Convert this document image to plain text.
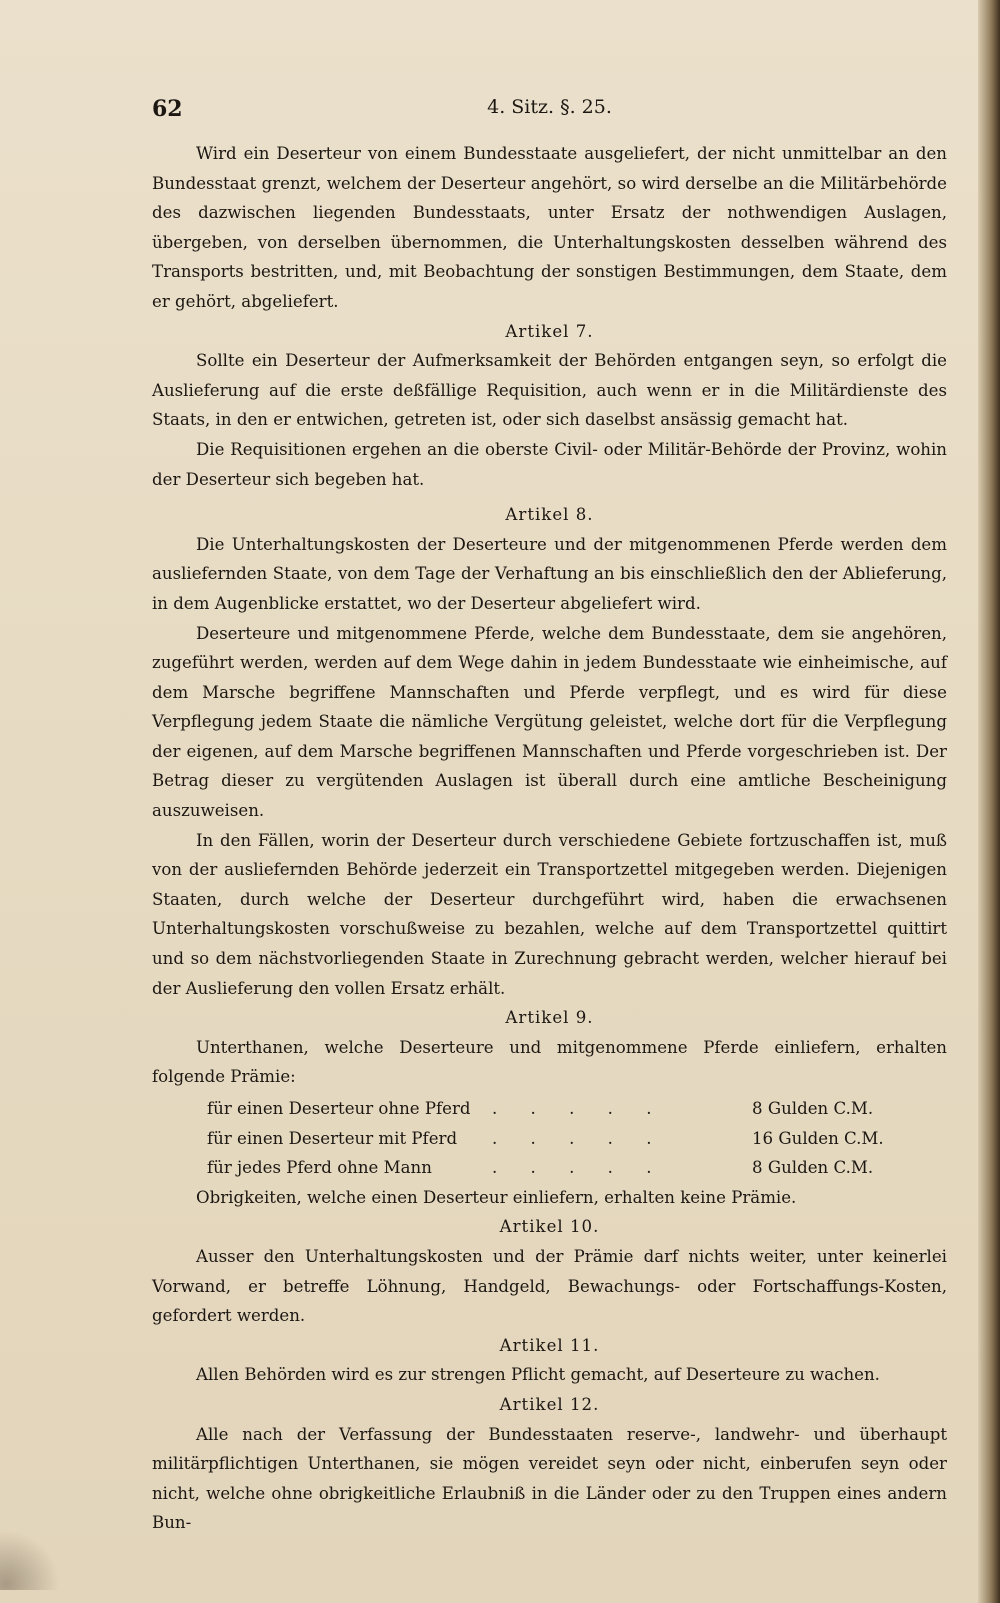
62	4. Sitz. §. 25.

Wird ein Deserteur von einem Bundesstaate ausgeliefert, der nicht unmittelbar an den Bundesstaat grenzt, welchem der Deserteur angehört, so wird derselbe an die Militärbehörde des dazwischen liegenden Bundesstaats, unter Ersatz der nothwendigen Auslagen, übergeben, von derselben übernommen, die Unterhaltungskosten desselben während des Transports bestritten, und, mit Beobachtung der sonstigen Bestimmungen, dem Staate, dem er gehört, abgeliefert.

Artikel 7.

Sollte ein Deserteur der Aufmerksamkeit der Behörden entgangen seyn, so erfolgt die Auslieferung auf die erste deßfällige Requisition, auch wenn er in die Militärdienste des Staats, in den er entwichen, getreten ist, oder sich daselbst ansässig gemacht hat.

Die Requisitionen ergehen an die oberste Civil- oder Militär-Behörde der Provinz, wohin der Deserteur sich begeben hat.

Artikel 8.

Die Unterhaltungskosten der Deserteure und der mitgenommenen Pferde werden dem ausliefernden Staate, von dem Tage der Verhaftung an bis einschließlich den der Ablieferung, in dem Augenblicke erstattet, wo der Deserteur abgeliefert wird.

Deserteure und mitgenommene Pferde, welche dem Bundesstaate, dem sie angehören, zugeführt werden, werden auf dem Wege dahin in jedem Bundesstaate wie einheimische, auf dem Marsche begriffene Mannschaften und Pferde verpflegt, und es wird für diese Verpflegung jedem Staate die nämliche Vergütung geleistet, welche dort für die Verpflegung der eigenen, auf dem Marsche begriffenen Mannschaften und Pferde vorgeschrieben ist. Der Betrag dieser zu vergütenden Auslagen ist überall durch eine amtliche Bescheinigung auszuweisen.

In den Fällen, worin der Deserteur durch verschiedene Gebiete fortzuschaffen ist, muß von der ausliefernden Behörde jederzeit ein Transportzettel mitgegeben werden. Diejenigen Staaten, durch welche der Deserteur durchgeführt wird, haben die erwachsenen Unterhaltungskosten vorschußweise zu bezahlen, welche auf dem Transportzettel quittirt und so dem nächstvorliegenden Staate in Zurechnung gebracht werden, welcher hierauf bei der Auslieferung den vollen Ersatz erhält.

Artikel 9.

Unterthanen, welche Deserteure und mitgenommene Pferde einliefern, erhalten folgende Prämie:

für einen Deserteur ohne Pferd . . . . .	8 Gulden C.M.
für einen Deserteur mit Pferd . . . . .	16 Gulden C.M.
für jedes Pferd ohne Mann	. . . . .	8 Gulden C.M.

Obrigkeiten, welche einen Deserteur einliefern, erhalten keine Prämie.

Artikel 10.

Ausser den Unterhaltungskosten und der Prämie darf nichts weiter, unter keinerlei Vorwand, er betreffe Löhnung, Handgeld, Bewachungs- oder Fortschaffungs-Kosten, gefordert werden.

Artikel 11.

Allen Behörden wird es zur strengen Pflicht gemacht, auf Deserteure zu wachen.

Artikel 12.

Alle nach der Verfassung der Bundesstaaten reserve-, landwehr- und überhaupt militärpflichtigen Unterthanen, sie mögen vereidet seyn oder nicht, einberufen seyn oder nicht, welche ohne obrigkeitliche Erlaubniß in die Länder oder zu den Truppen eines andern Bun-
